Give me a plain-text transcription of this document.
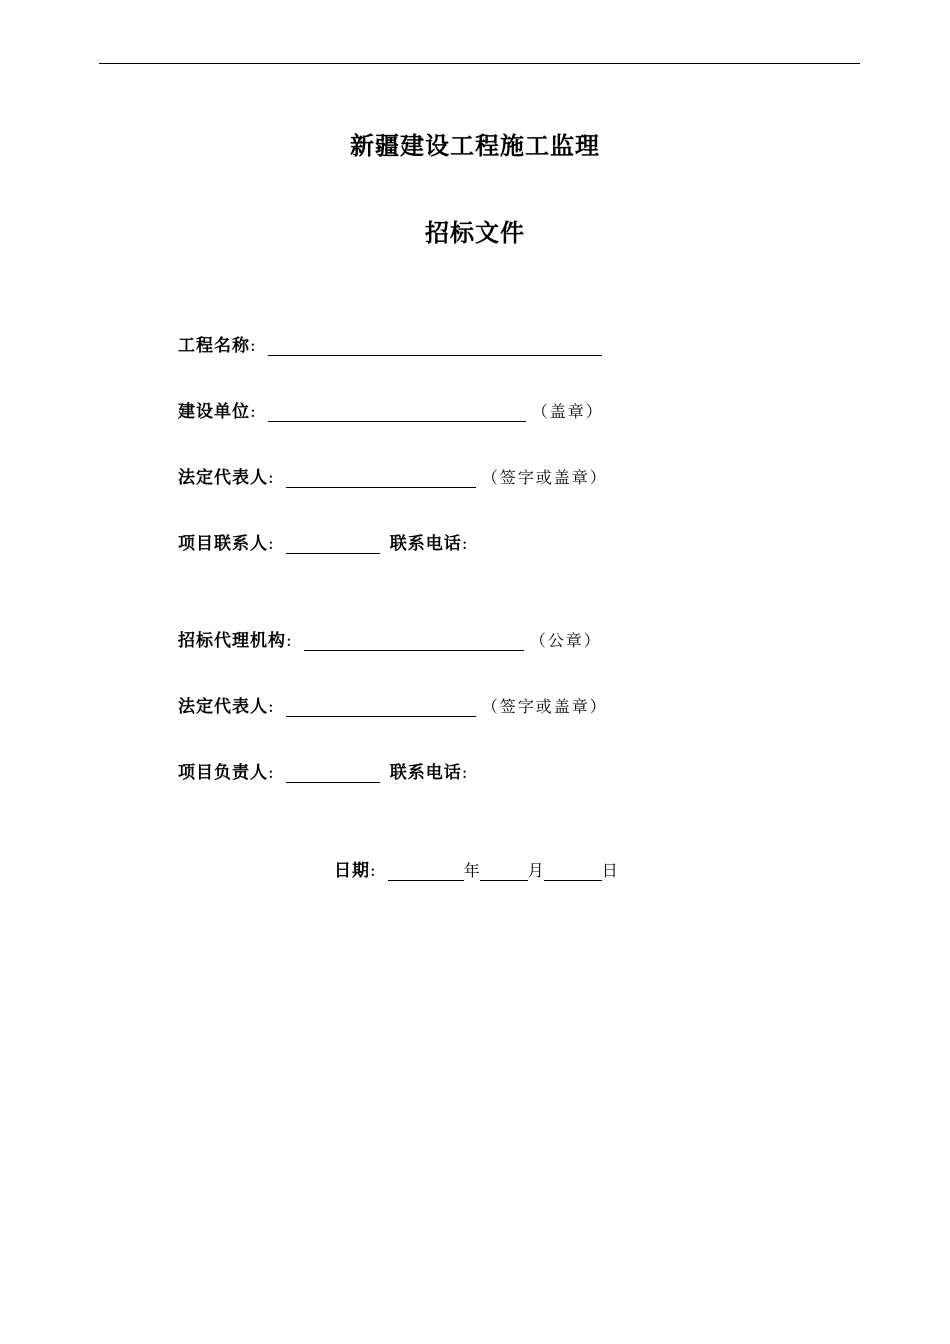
新疆建设工程施工监理
招标文件
工程名称 :
建设单位 :	（盖章）
法定代表人 :	（签字或盖章）
项目联系人 :	联系电话 :
招标代理机构 :	（公章）
法定代表人 :	（签字或盖章）
项目负责人 :	联系电话 :
日期 :	年	月	日
